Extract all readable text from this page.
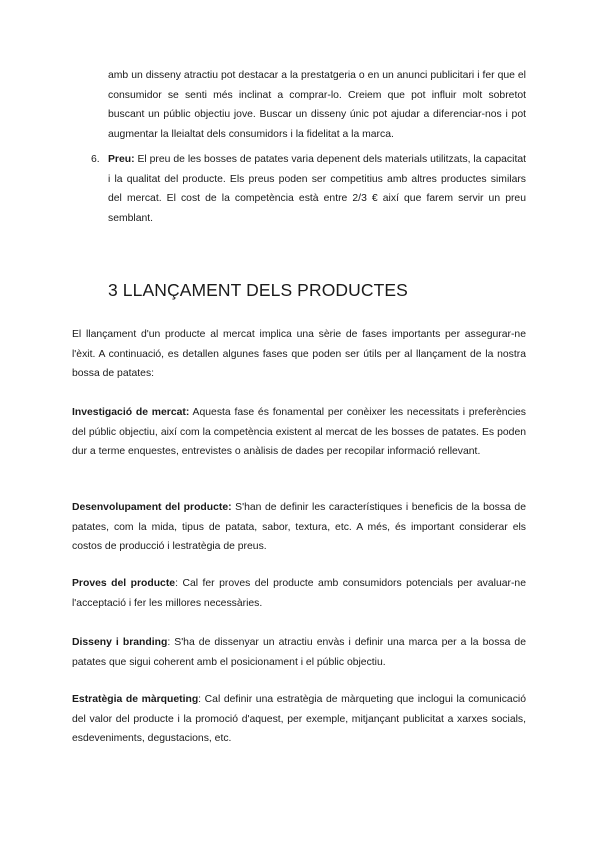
amb un disseny atractiu pot destacar a la prestatgeria o en un anunci publicitari i fer que el consumidor se senti més inclinat a comprar-lo. Creiem que pot influir molt sobretot buscant un públic objectiu jove. Buscar un disseny únic pot ajudar a diferenciar-nos i pot augmentar la lleialtat dels consumidors i la fidelitat a la marca.

6. Preu: El preu de les bosses de patates varia depenent dels materials utilitzats, la capacitat i la qualitat del producte. Els preus poden ser competitius amb altres productes similars del mercat. El cost de la competència està entre 2/3 € així que farem servir un preu semblant.

3 LLANÇAMENT DELS PRODUCTES

El llançament d'un producte al mercat implica una sèrie de fases importants per assegurar-ne l'èxit. A continuació, es detallen algunes fases que poden ser útils per al llançament de la nostra bossa de patates:

Investigació de mercat: Aquesta fase és fonamental per conèixer les necessitats i preferències del públic objectiu, així com la competència existent al mercat de les bosses de patates. Es poden dur a terme enquestes, entrevistes o anàlisis de dades per recopilar informació rellevant.

Desenvolupament del producte: S'han de definir les característiques i beneficis de la bossa de patates, com la mida, tipus de patata, sabor, textura, etc. A més, és important considerar els costos de producció i lestratègia de preus.

Proves del producte: Cal fer proves del producte amb consumidors potencials per avaluar-ne l'acceptació i fer les millores necessàries.

Disseny i branding: S'ha de dissenyar un atractiu envàs i definir una marca per a la bossa de patates que sigui coherent amb el posicionament i el públic objectiu.

Estratègia de màrqueting: Cal definir una estratègia de màrqueting que inclogui la comunicació del valor del producte i la promoció d'aquest, per exemple, mitjançant publicitat a xarxes socials, esdeveniments, degustacions, etc.
